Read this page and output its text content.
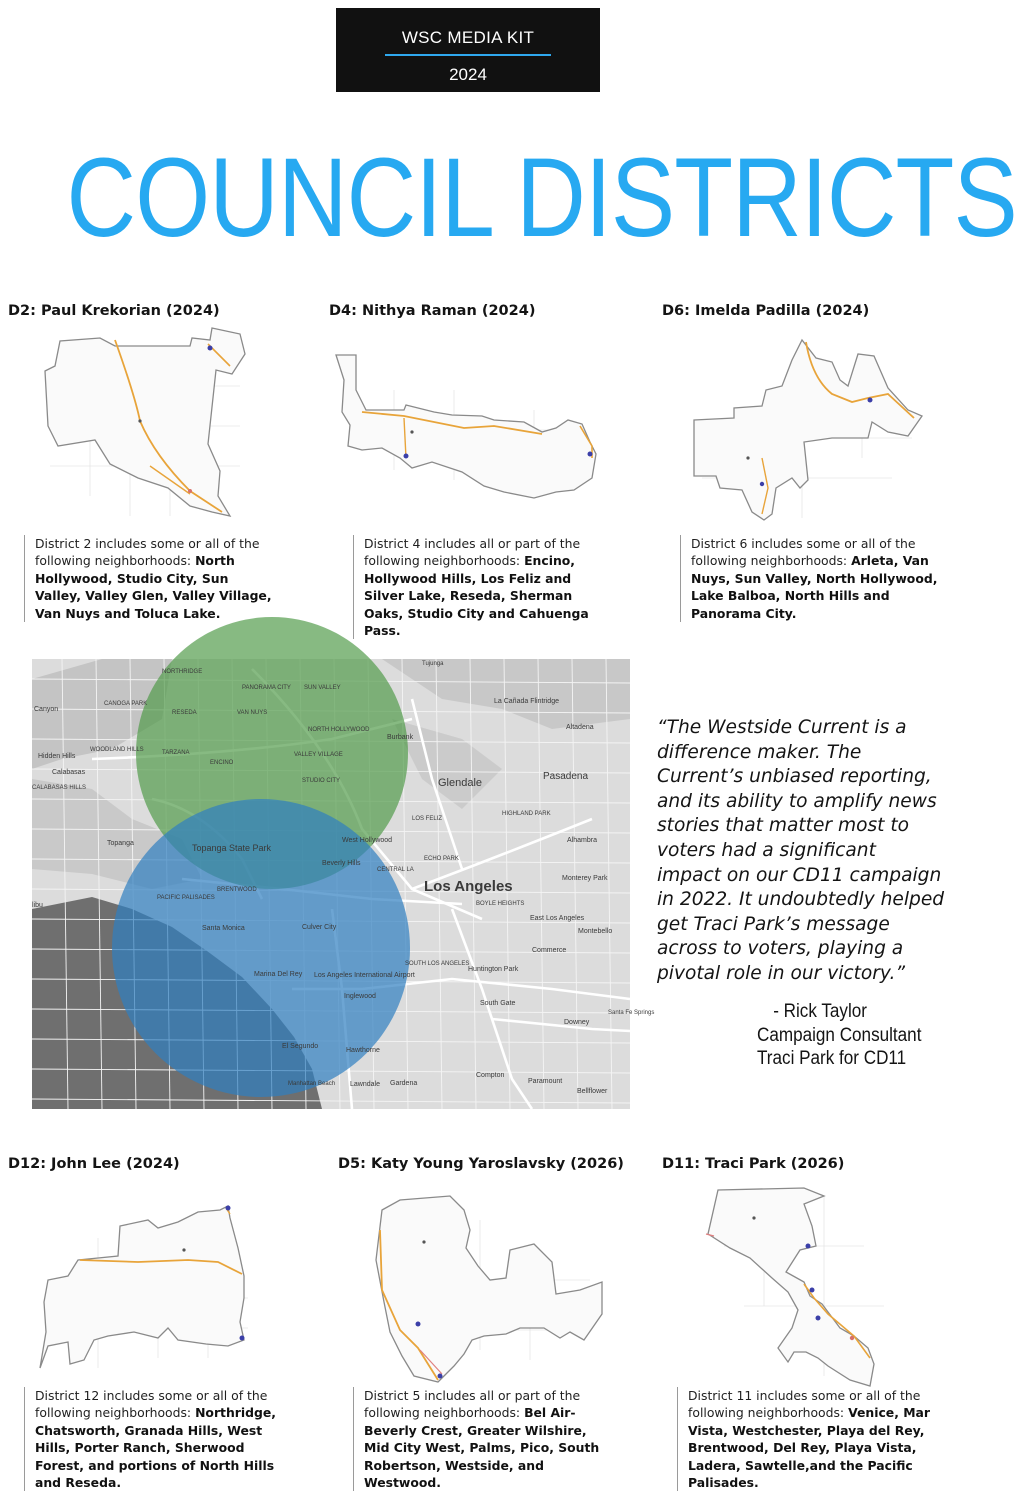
WSC MEDIA KIT
2024
COUNCIL DISTRICTS
D2: Paul Krekorian (2024)
District 2 includes some or all of the following neighborhoods: North Hollywood, Studio City, Sun Valley, Valley Glen, Valley Village, Van Nuys and Toluca Lake.
D4: Nithya Raman (2024)
District 4 includes all or part of the following neighborhoods: Encino, Hollywood Hills, Los Feliz and Silver Lake, Reseda, Sherman Oaks, Studio City and Cahuenga Pass.
D6: Imelda Padilla (2024)
District 6 includes some or all of the following neighborhoods: Arleta, Van Nuys, Sun Valley, North Hollywood, Lake Balboa, North Hills and Panorama City.
NORTHRIDGE
PANORAMA CITY SUN VALLEY
CANOGA PARK
RESEDA	VAN NUYS
NORTH HOLLYWOOD
Burbank
La Cañada Flintridge
Altadena
Hidden Hills
WOODLAND HILLS	TARZANA
ENCINO
VALLEY VILLAGE
Calabasas
CALABASAS HILLS
STUDIO CITY	Glendale
Pasadena
HIGHLAND PARK
Alhambra
LOS FELIZ
Topanga	West Hollywood
ECHO PARK
Beverly Hills
CENTRAL LA
Monterey Park
Los Angeles
PACIFIC PALISADES
BRENTWOOD
BOYLE HEIGHTS
East Los Angeles
Montebello
Santa Monica	Culver City
Commerce
SOUTH LOS ANGELES
Huntington Park
Marina Del Rey Los Angeles International Airport
Inglewood
South Gate
Downey
El Segundo
Hawthorne
Compton
Paramount
Manhattan Beach Lawndale Gardena
Bellflower
Topanga State Park
Tujunga
Canyon
libu
Santa Fe Springs
“The Westside Current is a
difference maker. The
Current’s unbiased reporting,
and its ability to amplify news
stories that matter most to
voters had a significant
impact on our CD11 campaign
in 2022. It undoubtedly helped
get Traci Park’s message
across to voters, playing a
pivotal role in our victory.”
- Rick Taylor
Campaign Consultant
Traci Park for CD11
D12: John Lee (2024)
District 12 includes some or all of the following neighborhoods: Northridge, Chatsworth, Granada Hills, West Hills, Porter Ranch, Sherwood Forest, and portions of North Hills and Reseda.
D5: Katy Young Yaroslavsky (2026)
District 5 includes all or part of the following neighborhoods: Bel Air-Beverly Crest, Greater Wilshire, Mid City West, Palms, Pico, South Robertson, Westside, and Westwood.
D11: Traci Park (2026)
District 11 includes some or all of the following neighborhoods: Venice, Mar Vista, Westchester, Playa del Rey, Brentwood, Del Rey, Playa Vista, Ladera, Sawtelle,and the Pacific Palisades.
